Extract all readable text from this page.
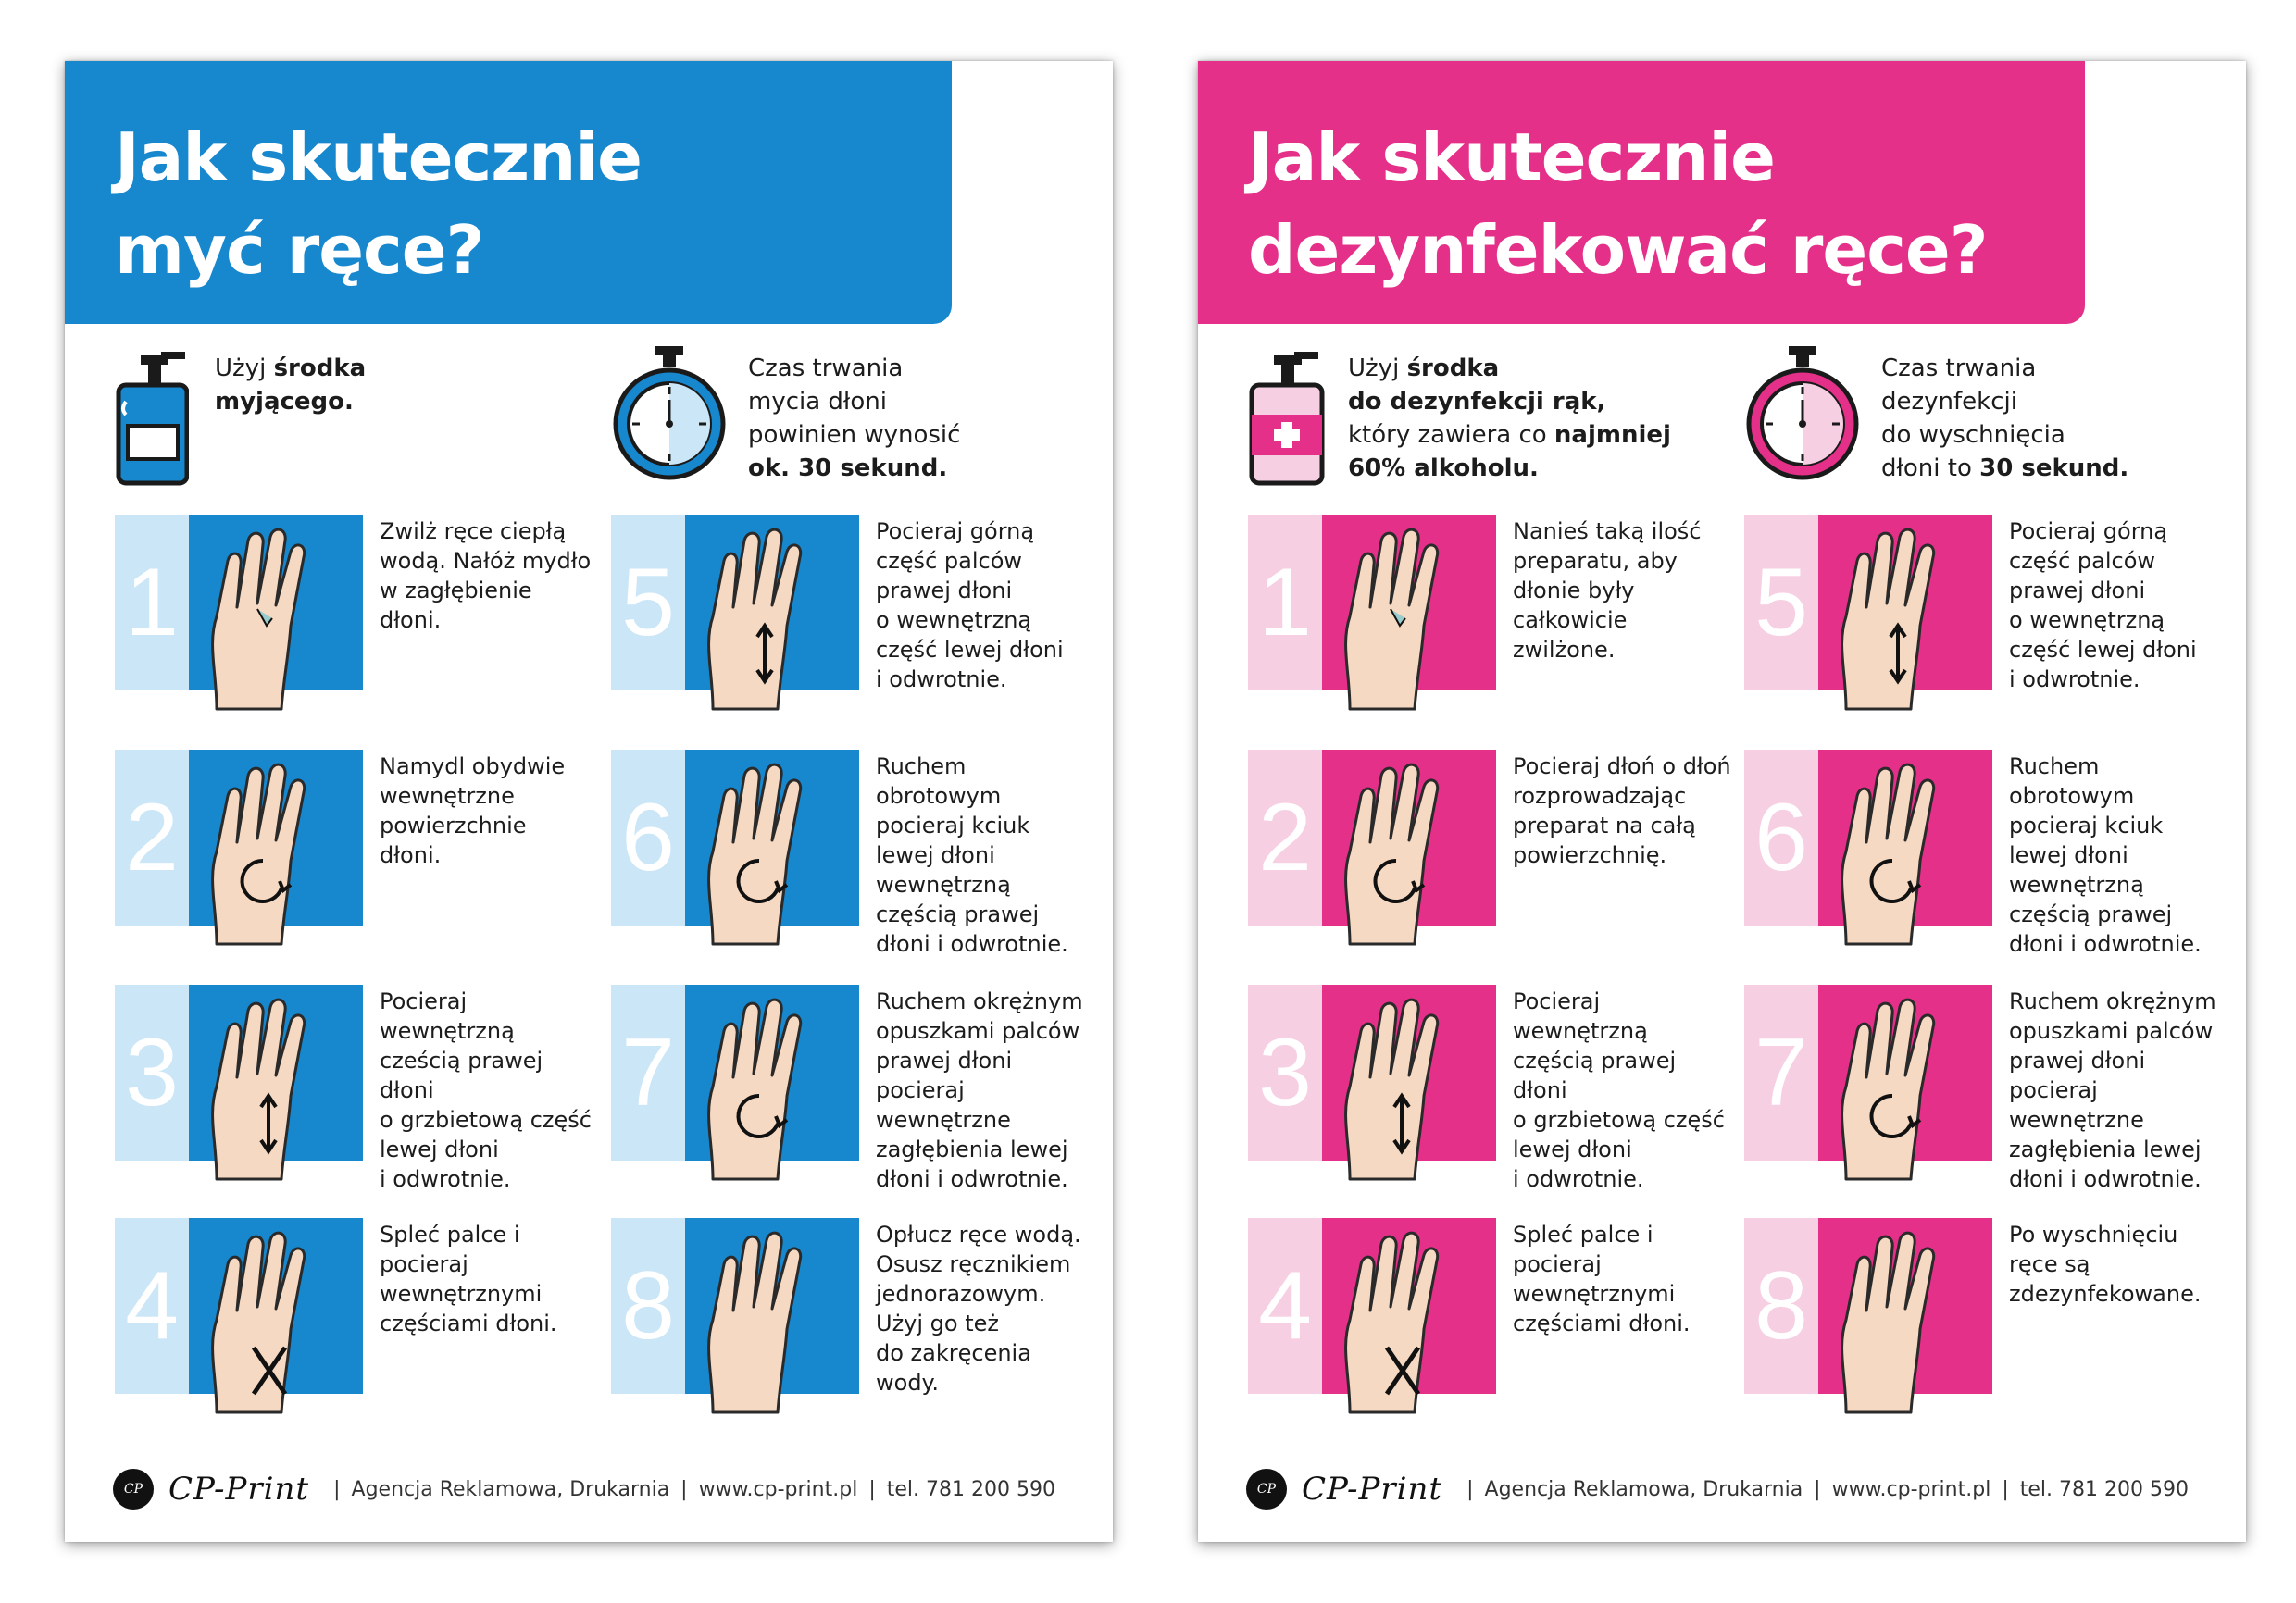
Jak skutecznie
myć ręce?
Użyj środka
myjącego.
Czas trwania
mycia dłoni
powinien wynosić
ok. 30 sekund.
1
Zwilż ręce ciepłą
wodą. Nałóż mydło
w zagłębienie
dłoni.
2
Namydl obydwie
wewnętrzne
powierzchnie
dłoni.
3
Pocieraj wewnętrzną
cześcią prawej dłoni
o grzbietową część
lewej dłoni
i odwrotnie.
4
Spleć palce i pocieraj
wewnętrznymi
częściami dłoni.
5
Pocieraj górną
część palców
prawej dłoni
o wewnętrzną
część lewej dłoni
i odwrotnie.
6
Ruchem
obrotowym
pocieraj kciuk
lewej dłoni
wewnętrzną
częścią prawej
dłoni i odwrotnie.
7
Ruchem okrężnym
opuszkami palców
prawej dłoni
pocieraj
wewnętrzne
zagłębienia lewej
dłoni i odwrotnie.
8
Opłucz ręce wodą.
Osusz ręcznikiem
jednorazowym.
Użyj go też
do zakręcenia
wody.
CP CP-Print | Agencja Reklamowa, Drukarnia | www.cp-print.pl | tel. 781 200 590
Jak skutecznie
dezynfekować ręce?
Użyj środka
do dezynfekcji rąk,
który zawiera co najmniej
60% alkoholu.
Czas trwania
dezynfekcji
do wyschnięcia
dłoni to 30 sekund.
1
Nanieś taką ilość
preparatu, aby
dłonie były
całkowicie
zwilżone.
2
Pocieraj dłoń o dłoń
rozprowadzając
preparat na całą
powierzchnię.
3
Pocieraj wewnętrzną
częścią prawej dłoni
o grzbietową część
lewej dłoni
i odwrotnie.
4
Spleć palce i pocieraj
wewnętrznymi
częściami dłoni.
5
Pocieraj górną
część palców
prawej dłoni
o wewnętrzną
część lewej dłoni
i odwrotnie.
6
Ruchem
obrotowym
pocieraj kciuk
lewej dłoni
wewnętrzną
częścią prawej
dłoni i odwrotnie.
7
Ruchem okrężnym
opuszkami palców
prawej dłoni
pocieraj
wewnętrzne
zagłębienia lewej
dłoni i odwrotnie.
8
Po wyschnięciu
ręce są
zdezynfekowane.
CP CP-Print | Agencja Reklamowa, Drukarnia | www.cp-print.pl | tel. 781 200 590
